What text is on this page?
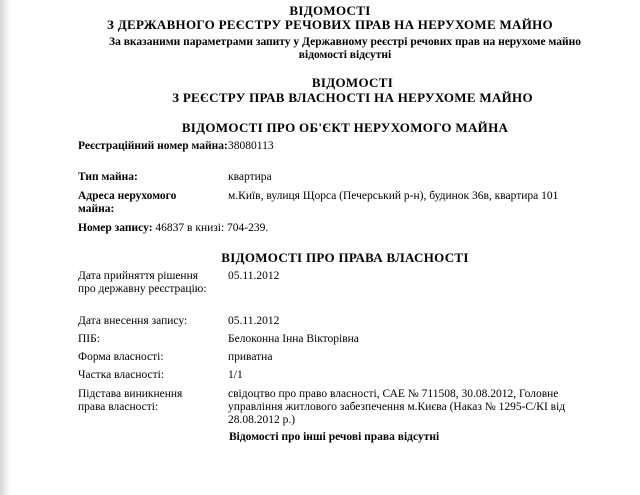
ВІДОМОСТІ
З ДЕРЖАВНОГО РЕЄСТРУ РЕЧОВИХ ПРАВ НА НЕРУХОМЕ МАЙНО
За вказаними параметрами запиту у Державному реєстрі речових прав на нерухоме майно
відомості відсутні
ВІДОМОСТІ
З РЕЄСТРУ ПРАВ ВЛАСНОСТІ НА НЕРУХОМЕ МАЙНО
ВІДОМОСТІ ПРО ОБ'ЄКТ НЕРУХОМОГО МАЙНА
Реєстраційний номер майна: 38080113
Тип майна:	квартира
Адреса нерухомого майна:
м.Київ, вулиця Щорса (Печерський р-н), будинок 36в, квартира 101
Номер запису: 46837 в книзі: 704-239.
ВІДОМОСТІ ПРО ПРАВА ВЛАСНОСТІ
Дата прийняття рішення про державну реєстрацію:
05.11.2012
Дата внесення запису:	05.11.2012
ПІБ:	Белоконна Інна Вікторівна
Форма власності:	приватна
Частка власності:	1/1
Підстава виникнення права власності:
свідоцтво про право власності, САЕ № 711508, 30.08.2012, Головне управління житлового забезпечення м.Києва (Наказ № 1295-С/КІ від 28.08.2012 р.)
Відомості про інші речові права відсутні
